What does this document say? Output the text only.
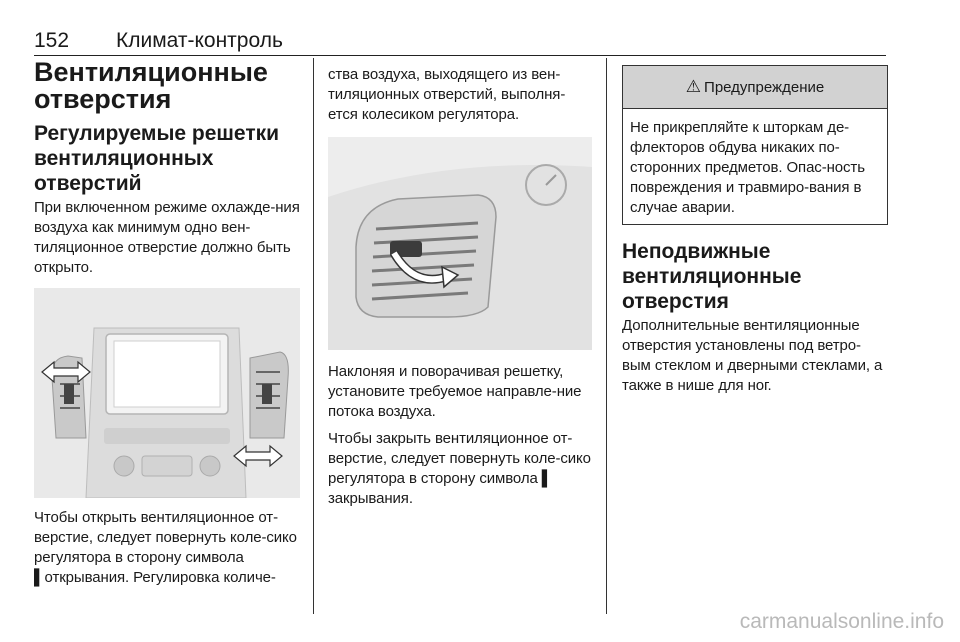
152 Климат-контроль
Вентиляционные отверстия
Регулируемые решетки вентиляционных отверстий

При включенном режиме охлажде-ния воздуха как минимум одно вен-тиляционное отверстие должно быть открыто.

Чтобы открыть вентиляционное от-верстие, следует повернуть коле-сико регулятора в сторону символа ▌открывания. Регулировка количе-

ства воздуха, выходящего из вен-тиляционных отверстий, выполня-ется колесиком регулятора.

Наклоняя и поворачивая решетку, установите требуемое направле-ние потока воздуха.

Чтобы закрыть вентиляционное от-верстие, следует повернуть коле-сико регулятора в сторону символа ▌ закрывания.

⚠ Предупреждение

Не прикрепляйте к шторкам де-флекторов обдува никаких по-сторонних предметов. Опас-ность повреждения и травмиро-вания в случае аварии.

Неподвижные вентиляционные отверстия

Дополнительные вентиляционные отверстия установлены под ветро-вым стеклом и дверными стеклами, а также в нише для ног.

carmanualsonline.info
